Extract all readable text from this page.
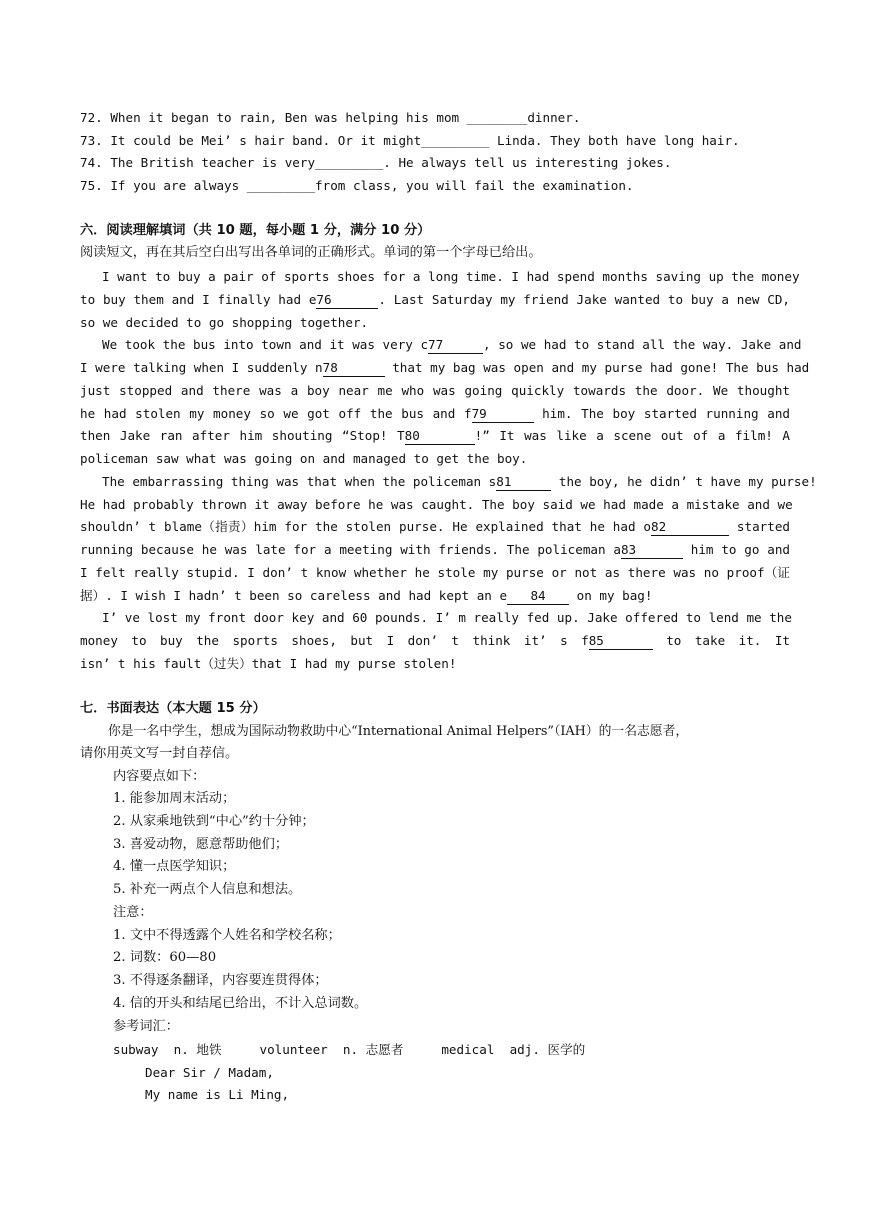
72. When it began to rain, Ben was helping his mom ________dinner.
73. It could be Mei’ s hair band. Or it might_________ Linda. They both have long hair.
74. The British teacher is very_________. He always tell us interesting jokes.
75. If you are always _________from class, you will fail the examination.
六．阅读理解填词（共 10 题，每小题 1 分，满分 10 分）
阅读短文，再在其后空白出写出各单词的正确形式。单词的第一个字母已给出。
I want to buy a pair of sports shoes for a long time. I had spend months saving up the money
to buy them and I finally had e76	. Last Saturday my friend Jake wanted to buy a new CD,
so we decided to go shopping together.
We took the bus into town and it was very c77	, so we had to stand all the way. Jake and
I were talking when I suddenly n78	that my bag was open and my purse had gone! The bus had
just stopped and there was a boy near me who was going quickly towards the door. We thought
he had stolen my money so we got off the bus and f79	him. The boy started running and
then Jake ran after him shouting “Stop! T80	!” It was like a scene out of a film! A
policeman saw what was going on and managed to get the boy.
The embarrassing thing was that when the policeman s81	the boy, he didn’ t have my purse!
He had probably thrown it away before he was caught. The boy said we had made a mistake and we
shouldn’ t blame（指责）him for the stolen purse. He explained that he had o82	started
running because he was late for a meeting with friends. The policeman a83	him to go and
I felt really stupid. I don’ t know whether he stole my purse or not as there was no proof（证
据）. I wish I hadn’ t been so careless and had kept an e 84 on my bag!
I’ ve lost my front door key and 60 pounds. I’ m really fed up. Jake offered to lend me the
money to buy the sports shoes, but I don’ t think it’ s f85	to take it. It
isn’ t his fault（过失）that I had my purse stolen!
七．书面表达（本大题 15 分）
你是一名中学生，想成为国际动物救助中心“International Animal Helpers”（IAH）的一名志愿者，
请你用英文写一封自荐信。
内容要点如下：
1. 能参加周末活动；
2. 从家乘地铁到“中心”约十分钟；
3. 喜爱动物，愿意帮助他们；
4. 懂一点医学知识；
5. 补充一两点个人信息和想法。
注意：
1. 文中不得透露个人姓名和学校名称；
2. 词数：60—80
3. 不得逐条翻译，内容要连贯得体；
4. 信的开头和结尾已给出，不计入总词数。
参考词汇：
subway  n. 地铁     volunteer  n. 志愿者     medical  adj. 医学的
Dear Sir / Madam,
My name is Li Ming,
